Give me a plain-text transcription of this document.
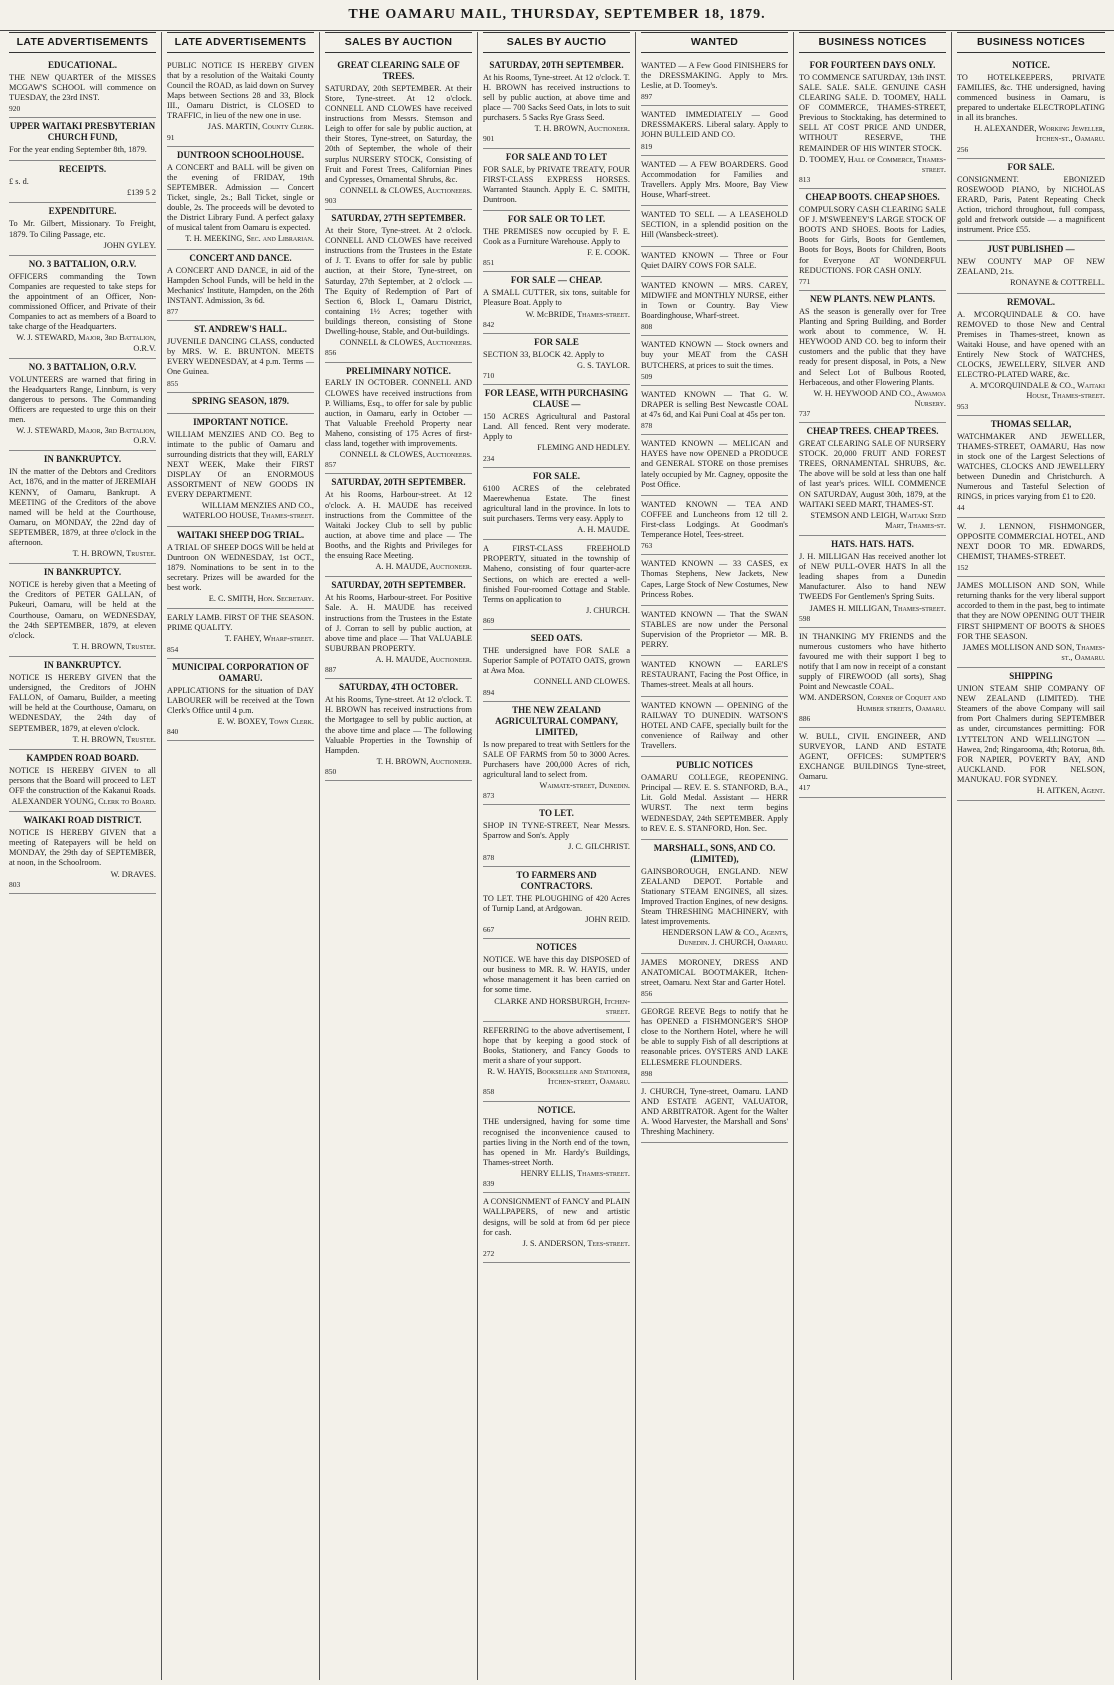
THE OAMARU MAIL, THURSDAY, SEPTEMBER 18, 1879.
LATE ADVERTISEMENTS
EDUCATIONAL.

THE NEW QUARTER of the MISSES MCGAW'S SCHOOL will commence on TUESDAY, the 23rd INST.

920
UPPER WAITAKI PRESBYTERIAN CHURCH FUND,

For the year ending September 8th, 1879.

RECEIPTS.

£ s. d.

£139 5 2
EXPENDITURE.

To Mr. Gilbert, Missionary. To Freight, 1879. To Ciling Passage, etc.

JOHN GYLEY.
NO. 3 BATTALION, O.R.V.

OFFICERS commanding the Town Companies are requested to take steps for the appointment of an Officer, Non-commissioned Officer, and Private of their Companies to act as members of a Board to take charge of the Headquarters.

W. J. STEWARD, Major, 3rd Battalion, O.R.V.
NO. 3 BATTALION, O.R.V.

VOLUNTEERS are warned that firing in the Headquarters Range, Linnburn, is very dangerous to persons. The Commanding Officers are requested to urge this on their men.

W. J. STEWARD, Major, 3rd Battalion, O.R.V.
IN BANKRUPTCY.

IN the matter of the Debtors and Creditors Act, 1876, and in the matter of JEREMIAH KENNY, of Oamaru, Bankrupt. A MEETING of the Creditors of the above named will be held at the Courthouse, Oamaru, on MONDAY, the 22nd day of SEPTEMBER, 1879, at three o'clock in the afternoon.

T. H. BROWN, Trustee.
IN BANKRUPTCY.

NOTICE is hereby given that a Meeting of the Creditors of PETER GALLAN, of Pukeuri, Oamaru, will be held at the Courthouse, Oamaru, on WEDNESDAY, the 24th SEPTEMBER, 1879, at eleven o'clock.

T. H. BROWN, Trustee.
IN BANKRUPTCY.

NOTICE IS HEREBY GIVEN that the undersigned, the Creditors of JOHN FALLON, of Oamaru, Builder, a meeting will be held at the Courthouse, Oamaru, on WEDNESDAY, the 24th day of SEPTEMBER, 1879, at eleven o'clock.

T. H. BROWN, Trustee.
KAMPDEN ROAD BOARD.

NOTICE IS HEREBY GIVEN to all persons that the Board will proceed to LET OFF the construction of the Kakanui Roads.

ALEXANDER YOUNG, Clerk to Board.
WAIKAKI ROAD DISTRICT.

NOTICE IS HEREBY GIVEN that a meeting of Ratepayers will be held on MONDAY, the 29th day of SEPTEMBER, at noon, in the Schoolroom.

W. DRAVES.
803
LATE ADVERTISEMENTS

PUBLIC NOTICE IS HEREBY GIVEN that by a resolution of the Waitaki County Council the ROAD, as laid down on Survey Maps between Sections 28 and 33, Block III., Oamaru District, is CLOSED to TRAFFIC, in lieu of the new one in use.

JAS. MARTIN, County Clerk.
91
DUNTROON SCHOOLHOUSE.

A CONCERT and BALL will be given on the evening of FRIDAY, 19th SEPTEMBER. Admission — Concert Ticket, single, 2s.; Ball Ticket, single or double, 2s. The proceeds will be devoted to the District Library Fund. A perfect galaxy of musical talent from Oamaru is expected.

T. H. MEEKING, Sec. and Librarian.
CONCERT AND DANCE.

A CONCERT AND DANCE, in aid of the Hampden School Funds, will be held in the Mechanics' Institute, Hampden, on the 26th INSTANT. Admission, 3s 6d.

877
ST. ANDREW'S HALL.

JUVENILE DANCING CLASS, conducted by MRS. W. E. BRUNTON. MEETS EVERY WEDNESDAY, at 4 p.m. Terms — One Guinea.

855
SPRING SEASON, 1879.
IMPORTANT NOTICE.

WILLIAM MENZIES AND CO. Beg to intimate to the public of Oamaru and surrounding districts that they will, EARLY NEXT WEEK, Make their FIRST DISPLAY Of an ENORMOUS ASSORTMENT of NEW GOODS IN EVERY DEPARTMENT.

WILLIAM MENZIES AND CO., WATERLOO HOUSE, Thames-street.
WAITAKI SHEEP DOG TRIAL.

A TRIAL OF SHEEP DOGS Will be held at Duntroon ON WEDNESDAY, 1st OCT., 1879. Nominations to be sent in to the secretary. Prizes will be awarded for the best work.

E. C. SMITH, Hon. Secretary.

EARLY LAMB. FIRST OF THE SEASON. PRIME QUALITY.

T. FAHEY, Wharf-street.
854
MUNICIPAL CORPORATION OF OAMARU.

APPLICATIONS for the situation of DAY LABOURER will be received at the Town Clerk's Office until 4 p.m.

E. W. BOXEY, Town Clerk.
840
SALES BY AUCTION
GREAT CLEARING SALE OF TREES.

SATURDAY, 20th SEPTEMBER. At their Store, Tyne-street. At 12 o'clock. CONNELL AND CLOWES have received instructions from Messrs. Stemson and Leigh to offer for sale by public auction, at their Stores, Tyne-street, on Saturday, the 20th of September, the whole of their surplus NURSERY STOCK, Consisting of Fruit and Forest Trees, Californian Pines and Cypresses, Ornamental Shrubs, &c.

CONNELL & CLOWES, Auctioneers.
903
SATURDAY, 27TH SEPTEMBER.

At their Store, Tyne-street. At 2 o'clock. CONNELL AND CLOWES have received instructions from the Trustees in the Estate of J. T. Evans to offer for sale by public auction, at their Store, Tyne-street, on Saturday, 27th September, at 2 o'clock — The Equity of Redemption of Part of Section 6, Block I., Oamaru District, containing 1½ Acres; together with buildings thereon, consisting of Stone Dwelling-house, Stable, and Out-buildings.

CONNELL & CLOWES, Auctioneers.
856
PRELIMINARY NOTICE.

EARLY IN OCTOBER. CONNELL AND CLOWES have received instructions from P. Williams, Esq., to offer for sale by public auction, in Oamaru, early in October — That Valuable Freehold Property near Maheno, consisting of 175 Acres of first-class land, together with improvements.

CONNELL & CLOWES, Auctioneers.
857
SATURDAY, 20TH SEPTEMBER.

At his Rooms, Harbour-street. At 12 o'clock. A. H. MAUDE has received instructions from the Committee of the Waitaki Jockey Club to sell by public auction, at above time and place — The Booths, and the Rights and Privileges for the ensuing Race Meeting.

A. H. MAUDE, Auctioneer.
SATURDAY, 20TH SEPTEMBER.

At his Rooms, Harbour-street. For Positive Sale. A. H. MAUDE has received instructions from the Trustees in the Estate of J. Corran to sell by public auction, at above time and place — That VALUABLE SUBURBAN PROPERTY.

A. H. MAUDE, Auctioneer.
887
SATURDAY, 4TH OCTOBER.

At his Rooms, Tyne-street. At 12 o'clock. T. H. BROWN has received instructions from the Mortgagee to sell by public auction, at the above time and place — The following Valuable Properties in the Township of Hampden.

T. H. BROWN, Auctioneer.
850
SALES BY AUCTIO
SATURDAY, 20TH SEPTEMBER.

At his Rooms, Tyne-street. At 12 o'clock. T. H. BROWN has received instructions to sell by public auction, at above time and place — 700 Sacks Seed Oats, in lots to suit purchasers. 5 Sacks Rye Grass Seed.

T. H. BROWN, Auctioneer.
901
FOR SALE AND TO LET

FOR SALE, by PRIVATE TREATY, FOUR FIRST-CLASS EXPRESS HORSES. Warranted Staunch. Apply E. C. SMITH, Duntroon.

FOR SALE OR TO LET.

THE PREMISES now occupied by F. E. Cook as a Furniture Warehouse. Apply to

F. E. COOK.
851
FOR SALE — CHEAP.

A SMALL CUTTER, six tons, suitable for Pleasure Boat. Apply to

W. McBRIDE, Thames-street.
842
FOR SALE

SECTION 33, BLOCK 42. Apply to

G. S. TAYLOR.
710
FOR LEASE, WITH PURCHASING CLAUSE —

150 ACRES Agricultural and Pastoral Land. All fenced. Rent very moderate. Apply to

FLEMING AND HEDLEY.
234
FOR SALE.

6100 ACRES of the celebrated Maerewhenua Estate. The finest agricultural land in the province. In lots to suit purchasers. Terms very easy. Apply to

A. H. MAUDE.

A FIRST-CLASS FREEHOLD PROPERTY, situated in the township of Maheno, consisting of four quarter-acre Sections, on which are erected a well-finished Four-roomed Cottage and Stable. Terms on application to

J. CHURCH.
869
SEED OATS.

THE undersigned have FOR SALE a Superior Sample of POTATO OATS, grown at Awa Moa.

CONNELL AND CLOWES.
894
THE NEW ZEALAND AGRICULTURAL COMPANY, LIMITED,

Is now prepared to treat with Settlers for the SALE OF FARMS from 50 to 3000 Acres. Purchasers have 200,000 Acres of rich, agricultural land to select from.

Waimate-street, Dunedin.
873
TO LET.

SHOP IN TYNE-STREET, Near Messrs. Sparrow and Son's. Apply

J. C. GILCHRIST.
878
TO FARMERS AND CONTRACTORS.

TO LET. THE PLOUGHING of 420 Acres of Turnip Land, at Ardgowan.

JOHN REID.
667
NOTICES

NOTICE. WE have this day DISPOSED of our business to MR. R. W. HAYIS, under whose management it has been carried on for some time.

CLARKE AND HORSBURGH, Itchen-street.

REFERRING to the above advertisement, I hope that by keeping a good stock of Books, Stationery, and Fancy Goods to merit a share of your support.

R. W. HAYIS, Bookseller and Stationer, Itchen-street, Oamaru.
858
NOTICE.

THE undersigned, having for some time recognised the inconvenience caused to parties living in the North end of the town, has opened in Mr. Hardy's Buildings, Thames-street North.

HENRY ELLIS, Thames-street.
839

A CONSIGNMENT of FANCY and PLAIN WALLPAPERS, of new and artistic designs, will be sold at from 6d per piece for cash.

J. S. ANDERSON, Tees-street.
272
WANTED

WANTED — A Few Good FINISHERS for the DRESSMAKING. Apply to Mrs. Leslie, at D. Toomey's.

897

WANTED IMMEDIATELY — Good DRESSMAKERS. Liberal salary. Apply to JOHN BULLEID AND CO.

819

WANTED — A FEW BOARDERS. Good Accommodation for Families and Travellers. Apply Mrs. Moore, Bay View House, Wharf-street.

WANTED TO SELL — A LEASEHOLD SECTION, in a splendid position on the Hill (Wansbeck-street).

WANTED KNOWN — Three or Four Quiet DAIRY COWS FOR SALE.

WANTED KNOWN — MRS. CAREY, MIDWIFE and MONTHLY NURSE, either in Town or Country. Bay View Boardinghouse, Wharf-street.

808

WANTED KNOWN — Stock owners and buy your MEAT from the CASH BUTCHERS, at prices to suit the times.

509

WANTED KNOWN — That G. W. DRAPER is selling Best Newcastle COAL at 47s 6d, and Kai Puni Coal at 45s per ton.

878

WANTED KNOWN — MELICAN and HAYES have now OPENED a PRODUCE and GENERAL STORE on those premises lately occupied by Mr. Cagney, opposite the Post Office.

WANTED KNOWN — TEA AND COFFEE and Luncheons from 12 till 2. First-class Lodgings. At Goodman's Temperance Hotel, Tees-street.

763

WANTED KNOWN — 33 CASES, ex Thomas Stephens, New Jackets, New Capes, Large Stock of New Costumes, New Princess Robes.

WANTED KNOWN — That the SWAN STABLES are now under the Personal Supervision of the Proprietor — MR. B. PERRY.

WANTED KNOWN — EARLE'S RESTAURANT, Facing the Post Office, in Thames-street. Meals at all hours.

WANTED KNOWN — OPENING of the RAILWAY TO DUNEDIN. WATSON'S HOTEL AND CAFE, specially built for the convenience of Railway and other Travellers.

PUBLIC NOTICES

OAMARU COLLEGE, REOPENING. Principal — REV. E. S. STANFORD, B.A., Lit. Gold Medal. Assistant — HERR WURST. The next term begins WEDNESDAY, 24th SEPTEMBER. Apply to REV. E. S. STANFORD, Hon. Sec.

MARSHALL, SONS, AND CO. (LIMITED),

GAINSBOROUGH, ENGLAND. NEW ZEALAND DEPOT. Portable and Stationary STEAM ENGINES, all sizes. Improved Traction Engines, of new designs. Steam THRESHING MACHINERY, with latest improvements.

HENDERSON LAW & CO., Agents, Dunedin. J. CHURCH, Oamaru.

JAMES MORONEY, DRESS AND ANATOMICAL BOOTMAKER, Itchen-street, Oamaru. Next Star and Garter Hotel.

856

GEORGE REEVE Begs to notify that he has OPENED a FISHMONGER'S SHOP close to the Northern Hotel, where he will be able to supply Fish of all descriptions at reasonable prices. OYSTERS AND LAKE ELLESMERE FLOUNDERS.

898

J. CHURCH, Tyne-street, Oamaru. LAND AND ESTATE AGENT, VALUATOR, AND ARBITRATOR. Agent for the Walter A. Wood Harvester, the Marshall and Sons' Threshing Machinery.

BUSINESS NOTICES
FOR FOURTEEN DAYS ONLY.

TO COMMENCE SATURDAY, 13th INST. SALE. SALE. SALE. GENUINE CASH CLEARING SALE. D. TOOMEY, HALL OF COMMERCE, THAMES-STREET, Previous to Stocktaking, has determined to SELL AT COST PRICE AND UNDER, WITHOUT RESERVE, THE REMAINDER OF HIS WINTER STOCK.

D. TOOMEY, Hall of Commerce, Thames-street.
813
CHEAP BOOTS. CHEAP SHOES.

COMPULSORY CASH CLEARING SALE OF J. M'SWEENEY'S LARGE STOCK OF BOOTS AND SHOES. Boots for Ladies, Boots for Girls, Boots for Gentlemen, Boots for Boys, Boots for Children, Boots for Everyone AT WONDERFUL REDUCTIONS. FOR CASH ONLY.

771
NEW PLANTS. NEW PLANTS.

AS the season is generally over for Tree Planting and Spring Building, and Border work about to commence, W. H. HEYWOOD AND CO. beg to inform their customers and the public that they have ready for present disposal, in Pots, a New and Select Lot of Bulbous Rooted, Herbaceous, and other Flowering Plants.

W. H. HEYWOOD AND CO., Awamoa Nursery.
737
CHEAP TREES. CHEAP TREES.

GREAT CLEARING SALE OF NURSERY STOCK. 20,000 FRUIT AND FOREST TREES, ORNAMENTAL SHRUBS, &c. The above will be sold at less than one half of last year's prices. WILL COMMENCE ON SATURDAY, August 30th, 1879, at the WAITAKI SEED MART, THAMES-ST.

STEMSON AND LEIGH, Waitaki Seed Mart, Thames-st.
HATS. HATS. HATS.

J. H. MILLIGAN Has received another lot of NEW PULL-OVER HATS In all the leading shapes from a Dunedin Manufacturer. Also to hand NEW TWEEDS For Gentlemen's Spring Suits.

JAMES H. MILLIGAN, Thames-street.
598

IN THANKING MY FRIENDS and the numerous customers who have hitherto favoured me with their support I beg to notify that I am now in receipt of a constant supply of FIREWOOD (all sorts), Shag Point and Newcastle COAL.

WM. ANDERSON, Corner of Coquet and Humber streets, Oamaru.
886

W. BULL, CIVIL ENGINEER, AND SURVEYOR, LAND AND ESTATE AGENT, OFFICES: SUMPTER'S EXCHANGE BUILDINGS Tyne-street, Oamaru.

417
BUSINESS NOTICES
NOTICE.

TO HOTELKEEPERS, PRIVATE FAMILIES, &c. THE undersigned, having commenced business in Oamaru, is prepared to undertake ELECTROPLATING in all its branches.

H. ALEXANDER, Working Jeweller, Itchen-st., Oamaru.
256
FOR SALE.

CONSIGNMENT. EBONIZED ROSEWOOD PIANO, by NICHOLAS ERARD, Paris, Patent Repeating Check Action, trichord throughout, full compass, gold and fretwork outside — a magnificent instrument. Price £55.

JUST PUBLISHED —

NEW COUNTY MAP OF NEW ZEALAND, 21s.

RONAYNE & COTTRELL.
REMOVAL.

A. M'CORQUINDALE & CO. have REMOVED to those New and Central Premises in Thames-street, known as Waitaki House, and have opened with an Entirely New Stock of WATCHES, CLOCKS, JEWELLERY, SILVER AND ELECTRO-PLATED WARE, &c.

A. M'CORQUINDALE & CO., Waitaki House, Thames-street.
953
THOMAS SELLAR,

WATCHMAKER AND JEWELLER, THAMES-STREET, OAMARU, Has now in stock one of the Largest Selections of WATCHES, CLOCKS AND JEWELLERY between Dunedin and Christchurch. A Numerous and Tasteful Selection of RINGS, in prices varying from £1 to £20.

44

W. J. LENNON, FISHMONGER, OPPOSITE COMMERCIAL HOTEL, AND NEXT DOOR TO MR. EDWARDS, CHEMIST, THAMES-STREET.

152

JAMES MOLLISON AND SON, While returning thanks for the very liberal support accorded to them in the past, beg to intimate that they are NOW OPENING OUT THEIR FIRST SHIPMENT OF BOOTS & SHOES FOR THE SEASON.

JAMES MOLLISON AND SON, Thames-st., Oamaru.
SHIPPING

UNION STEAM SHIP COMPANY OF NEW ZEALAND (LIMITED). THE Steamers of the above Company will sail from Port Chalmers during SEPTEMBER as under, circumstances permitting: FOR LYTTELTON AND WELLINGTON — Hawea, 2nd; Ringarooma, 4th; Rotorua, 8th. FOR NAPIER, POVERTY BAY, AND AUCKLAND. FOR NELSON, MANUKAU. FOR SYDNEY.

H. AITKEN, Agent.
